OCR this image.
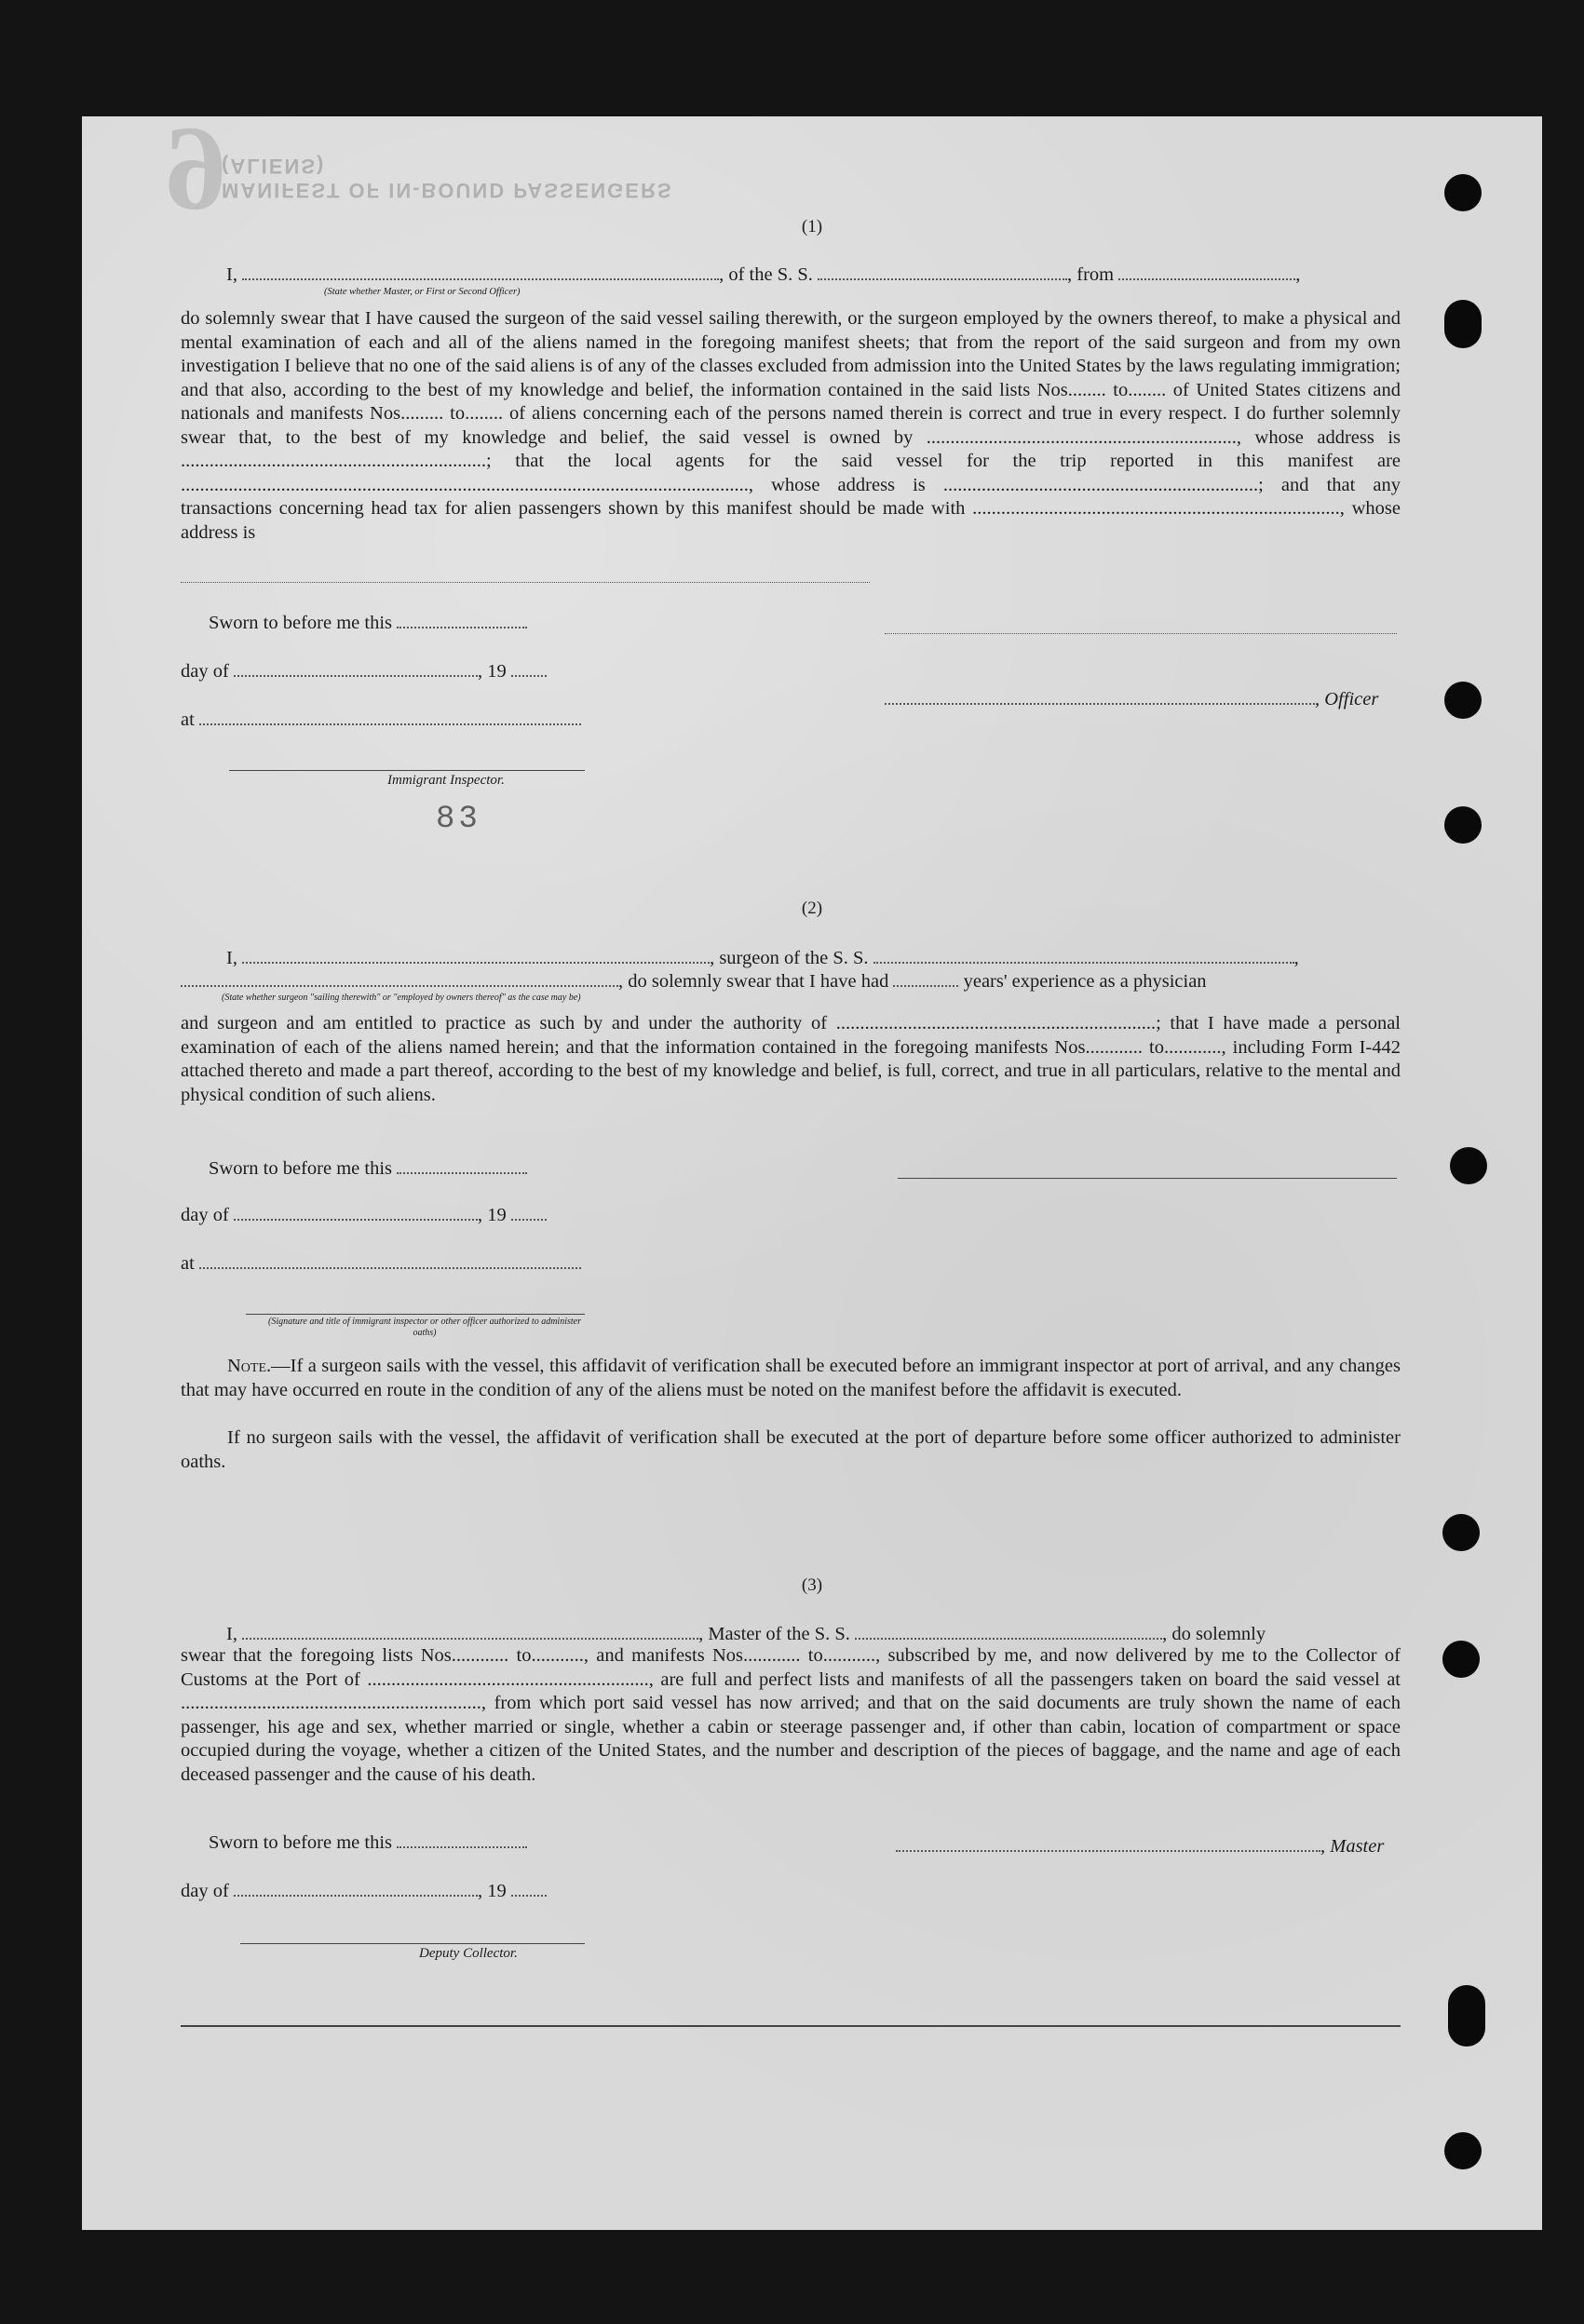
9
MANIFEST OF IN-BOUND PASSENGERS (ALIENS)
(1)
I,	, of the S. S.	, from	,
(State whether Master, or First or Second Officer)
do solemnly swear that I have caused the surgeon of the said vessel sailing therewith, or the surgeon employed by the owners thereof, to make a physical and mental examination of each and all of the aliens named in the foregoing manifest sheets; that from the report of the said surgeon and from my own investigation I believe that no one of the said aliens is of any of the classes excluded from admission into the United States by the laws regulating immigration; and that also, according to the best of my knowledge and belief, the information contained in the said lists Nos........ to........ of United States citizens and nationals and manifests Nos......... to........ of aliens concerning each of the persons named therein is correct and true in every respect. I do further solemnly swear that, to the best of my knowledge and belief, the said vessel is owned by ................................................................., whose address is ................................................................; that the local agents for the said vessel for the trip reported in this manifest are ......................................................................................................................., whose address is ..................................................................; and that any transactions concerning head tax for alien passengers shown by this manifest should be made with ............................................................................., whose address is
Sworn to before me this
day of	, 19
, Officer
at
Immigrant Inspector.
83
(2)
I,	, surgeon of the S. S.	,
, do solemnly swear that I have had	years' experience as a physician
(State whether surgeon "sailing therewith" or "employed by owners thereof" as the case may be)
and surgeon and am entitled to practice as such by and under the authority of ...................................................................; that I have made a personal examination of each of the aliens named herein; and that the information contained in the foregoing manifests Nos............ to............, including Form I-442 attached thereto and made a part thereof, according to the best of my knowledge and belief, is full, correct, and true in all particulars, relative to the mental and physical condition of such aliens.
Sworn to before me this
day of	, 19
at
(Signature and title of immigrant inspector or other officer authorized to administer oaths)
Note.—If a surgeon sails with the vessel, this affidavit of verification shall be executed before an immigrant inspector at port of arrival, and any changes that may have occurred en route in the condition of any of the aliens must be noted on the manifest before the affidavit is executed.
If no surgeon sails with the vessel, the affidavit of verification shall be executed at the port of departure before some officer authorized to administer oaths.
(3)
I,	, Master of the S. S.	, do solemnly
swear that the foregoing lists Nos............ to..........., and manifests Nos............ to..........., subscribed by me, and now delivered by me to the Collector of Customs at the Port of ..........................................................., are full and perfect lists and manifests of all the passengers taken on board the said vessel at ..............................................................., from which port said vessel has now arrived; and that on the said documents are truly shown the name of each passenger, his age and sex, whether married or single, whether a cabin or steerage passenger and, if other than cabin, location of compartment or space occupied during the voyage, whether a citizen of the United States, and the number and description of the pieces of baggage, and the name and age of each deceased passenger and the cause of his death.
Sworn to before me this	, Master
day of	, 19
Deputy Collector.
